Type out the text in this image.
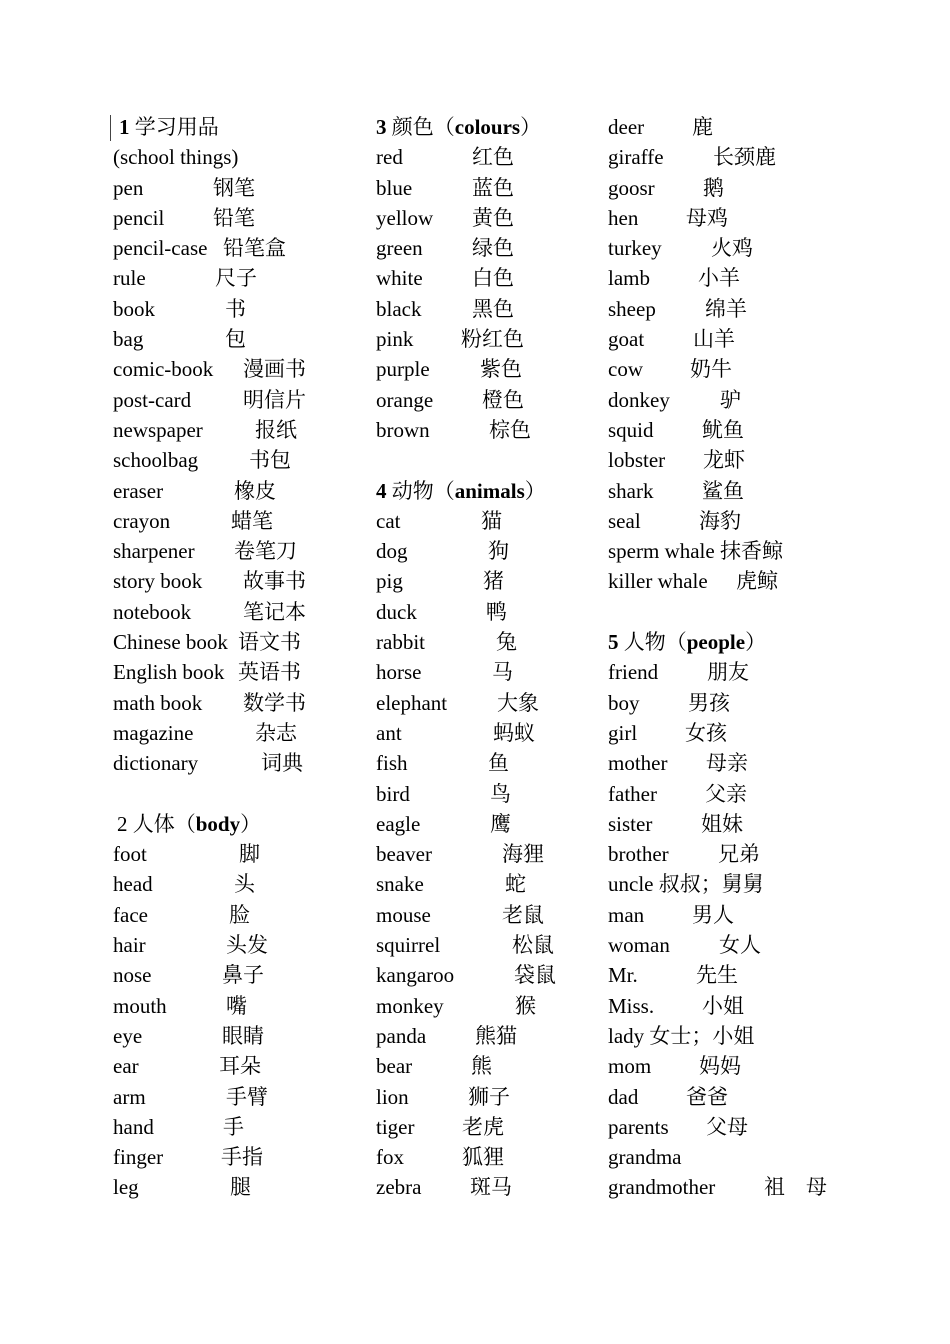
1 学习用品
(school things)
pen	钢笔
pencil 铅笔
pencil-case 铅笔盒
rule	尺子
book	书
bag	包
comic-book 漫画书
post-card 明信片
newspaper 报纸
schoolbag 书包
eraser	橡皮
crayon	蜡笔
sharpener 卷笔刀
story book 故事书
notebook 笔记本
Chinese book 语文书
English book 英语书
math book 数学书
magazine	杂志
dictionary	词典
2 人体（body）
foot	脚
head	头
face	脸
hair	头发
nose	鼻子
mouth	嘴
eye	眼睛
ear	耳朵
arm	手臂
hand	手
finger	手指
leg	腿
3 颜色（colours）
red	红色
blue	蓝色
yellow 黄色
green 绿色
white 白色
black 黑色
pink 粉红色
purple 紫色
orange 橙色
brown	棕色
4 动物（animals）
cat	猫
dog	狗
pig	猪
duck	鸭
rabbit	兔
horse	马
elephant 大象
ant	蚂蚁
fish	鱼
bird	鸟
eagle	鹰
beaver	海狸
snake	蛇
mouse	老鼠
squirrel	松鼠
kangaroo	袋鼠
monkey	猴
panda 熊猫
bear	熊
lion	狮子
tiger 老虎
fox	狐狸
zebra 斑马
deer 鹿
giraffe 长颈鹿
goosr 鹅
hen 母鸡
turkey 火鸡
lamb 小羊
sheep 绵羊
goat 山羊
cow 奶牛
donkey 驴
squid 鱿鱼
lobster 龙虾
shark 鲨鱼
seal	海豹
sperm whale 抹香鲸
killer whale 虎鲸
5 人物（people）
friend 朋友
boy 男孩
girl 女孩
mother 母亲
father 父亲
sister 姐妹
brother 兄弟
uncle 叔叔；舅舅
man 男人
woman 女人
Mr.	先生
Miss. 小姐
lady 女士；小姐
mom 妈妈
dad 爸爸
parents 父母
grandma
grandmother 祖　母
